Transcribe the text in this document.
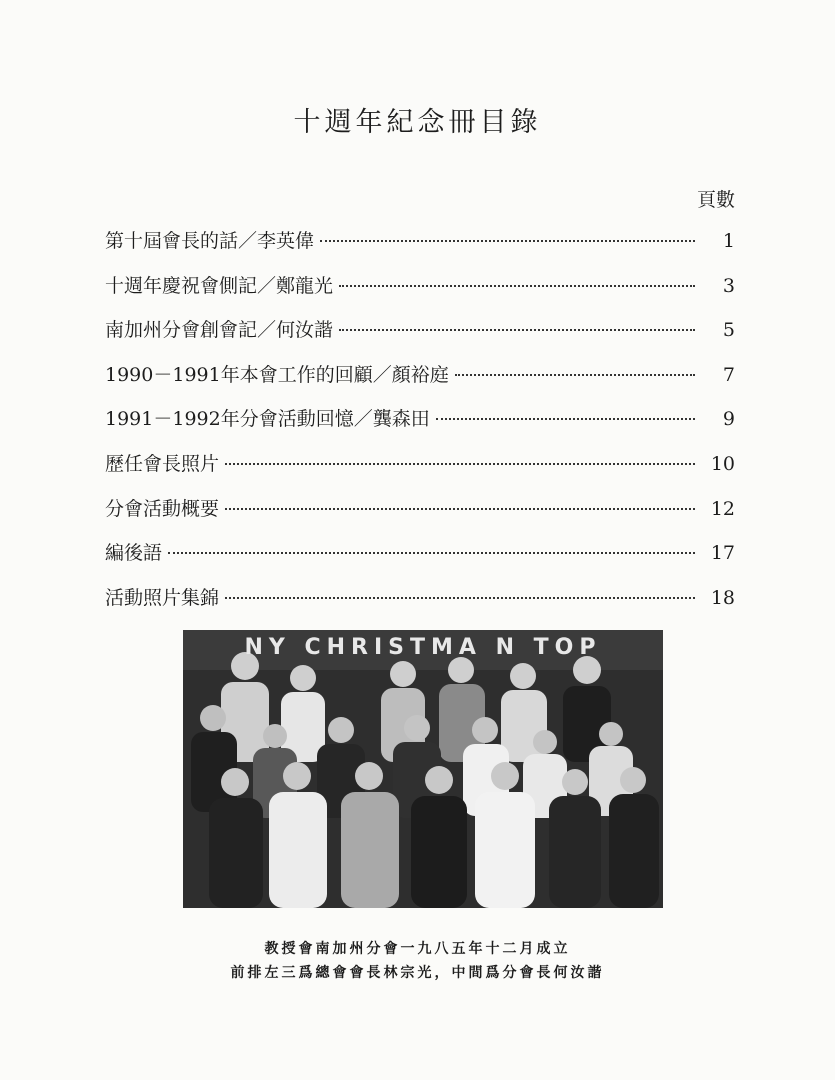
十週年紀念冊目錄
頁數
第十屆會長的話／李英偉	1
十週年慶祝會側記／鄭龍光	3
南加州分會創會記／何汝諧	5
1990－1991年本會工作的回顧／顏裕庭	7
1991－1992年分會活動回憶／龔森田	9
歷任會長照片	10
分會活動概要	12
編後語	17
活動照片集錦	18
NY CHRISTMA N TOP
教授會南加州分會一九八五年十二月成立
前排左三爲總會會長林宗光，中間爲分會長何汝諧
